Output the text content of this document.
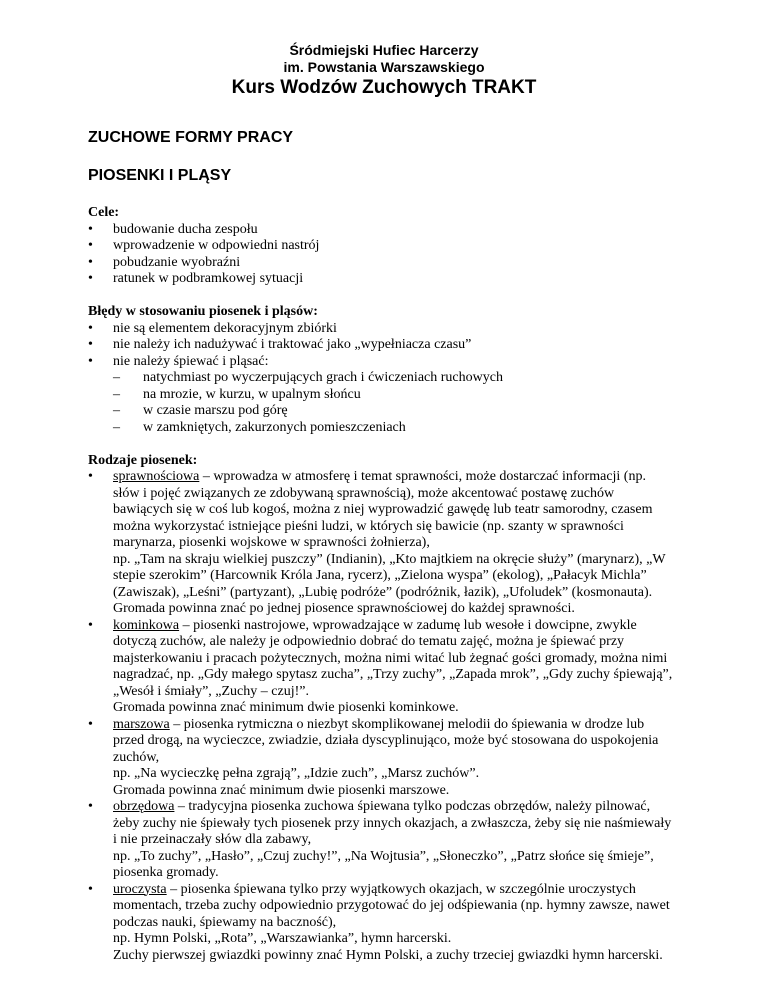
Śródmiejski Hufiec Harcerzy
im. Powstania Warszawskiego
Kurs Wodzów Zuchowych TRAKT
ZUCHOWE FORMY PRACY
PIOSENKI I PLĄSY
Cele:
• budowanie ducha zespołu
• wprowadzenie w odpowiedni nastrój
• pobudzanie wyobraźni
• ratunek w podbramkowej sytuacji
Błędy w stosowaniu piosenek i pląsów:
• nie są elementem dekoracyjnym zbiórki
• nie należy ich nadużywać i traktować jako „wypełniacza czasu”
• nie należy śpiewać i pląsać:
– natychmiast po wyczerpujących grach i ćwiczeniach ruchowych
– na mrozie, w kurzu, w upalnym słońcu
– w czasie marszu pod górę
– w zamkniętych, zakurzonych pomieszczeniach
Rodzaje piosenek:
• sprawnościowa – wprowadza w atmosferę i temat sprawności, może dostarczać informacji (np.
słów i pojęć związanych ze zdobywaną sprawnością), może akcentować postawę zuchów
bawiących się w coś lub kogoś, można z niej wyprowadzić gawędę lub teatr samorodny, czasem
można wykorzystać istniejące pieśni ludzi, w których się bawicie (np. szanty w sprawności
marynarza, piosenki wojskowe w sprawności żołnierza),
np. „Tam na skraju wielkiej puszczy” (Indianin), „Kto majtkiem na okręcie służy” (marynarz), „W
stepie szerokim” (Harcownik Króla Jana, rycerz), „Zielona wyspa” (ekolog), „Pałacyk Michla”
(Zawiszak), „Leśni” (partyzant), „Lubię podróże” (podróżnik, łazik), „Ufoludek” (kosmonauta).
Gromada powinna znać po jednej piosence sprawnościowej do każdej sprawności.
• kominkowa – piosenki nastrojowe, wprowadzające w zadumę lub wesołe i dowcipne, zwykle
dotyczą zuchów, ale należy je odpowiednio dobrać do tematu zajęć, można je śpiewać przy
majsterkowaniu i pracach pożytecznych, można nimi witać lub żegnać gości gromady, można nimi
nagradzać, np. „Gdy małego spytasz zucha”, „Trzy zuchy”, „Zapada mrok”, „Gdy zuchy śpiewają”,
„Wesół i śmiały”, „Zuchy – czuj!”.
Gromada powinna znać minimum dwie piosenki kominkowe.
• marszowa – piosenka rytmiczna o niezbyt skomplikowanej melodii do śpiewania w drodze lub
przed drogą, na wycieczce, zwiadzie, działa dyscyplinująco, może być stosowana do uspokojenia
zuchów,
np. „Na wycieczkę pełna zgrają”, „Idzie zuch”, „Marsz zuchów”.
Gromada powinna znać minimum dwie piosenki marszowe.
• obrzędowa – tradycyjna piosenka zuchowa śpiewana tylko podczas obrzędów, należy pilnować,
żeby zuchy nie śpiewały tych piosenek przy innych okazjach, a zwłaszcza, żeby się nie naśmiewały
i nie przeinaczały słów dla zabawy,
np. „To zuchy”, „Hasło”, „Czuj zuchy!”, „Na Wojtusia”, „Słoneczko”, „Patrz słońce się śmieje”,
piosenka gromady.
• uroczysta – piosenka śpiewana tylko przy wyjątkowych okazjach, w szczególnie uroczystych
momentach, trzeba zuchy odpowiednio przygotować do jej odśpiewania (np. hymny zawsze, nawet
podczas nauki, śpiewamy na baczność),
np. Hymn Polski, „Rota”, „Warszawianka”, hymn harcerski.
Zuchy pierwszej gwiazdki powinny znać Hymn Polski, a zuchy trzeciej gwiazdki hymn harcerski.
